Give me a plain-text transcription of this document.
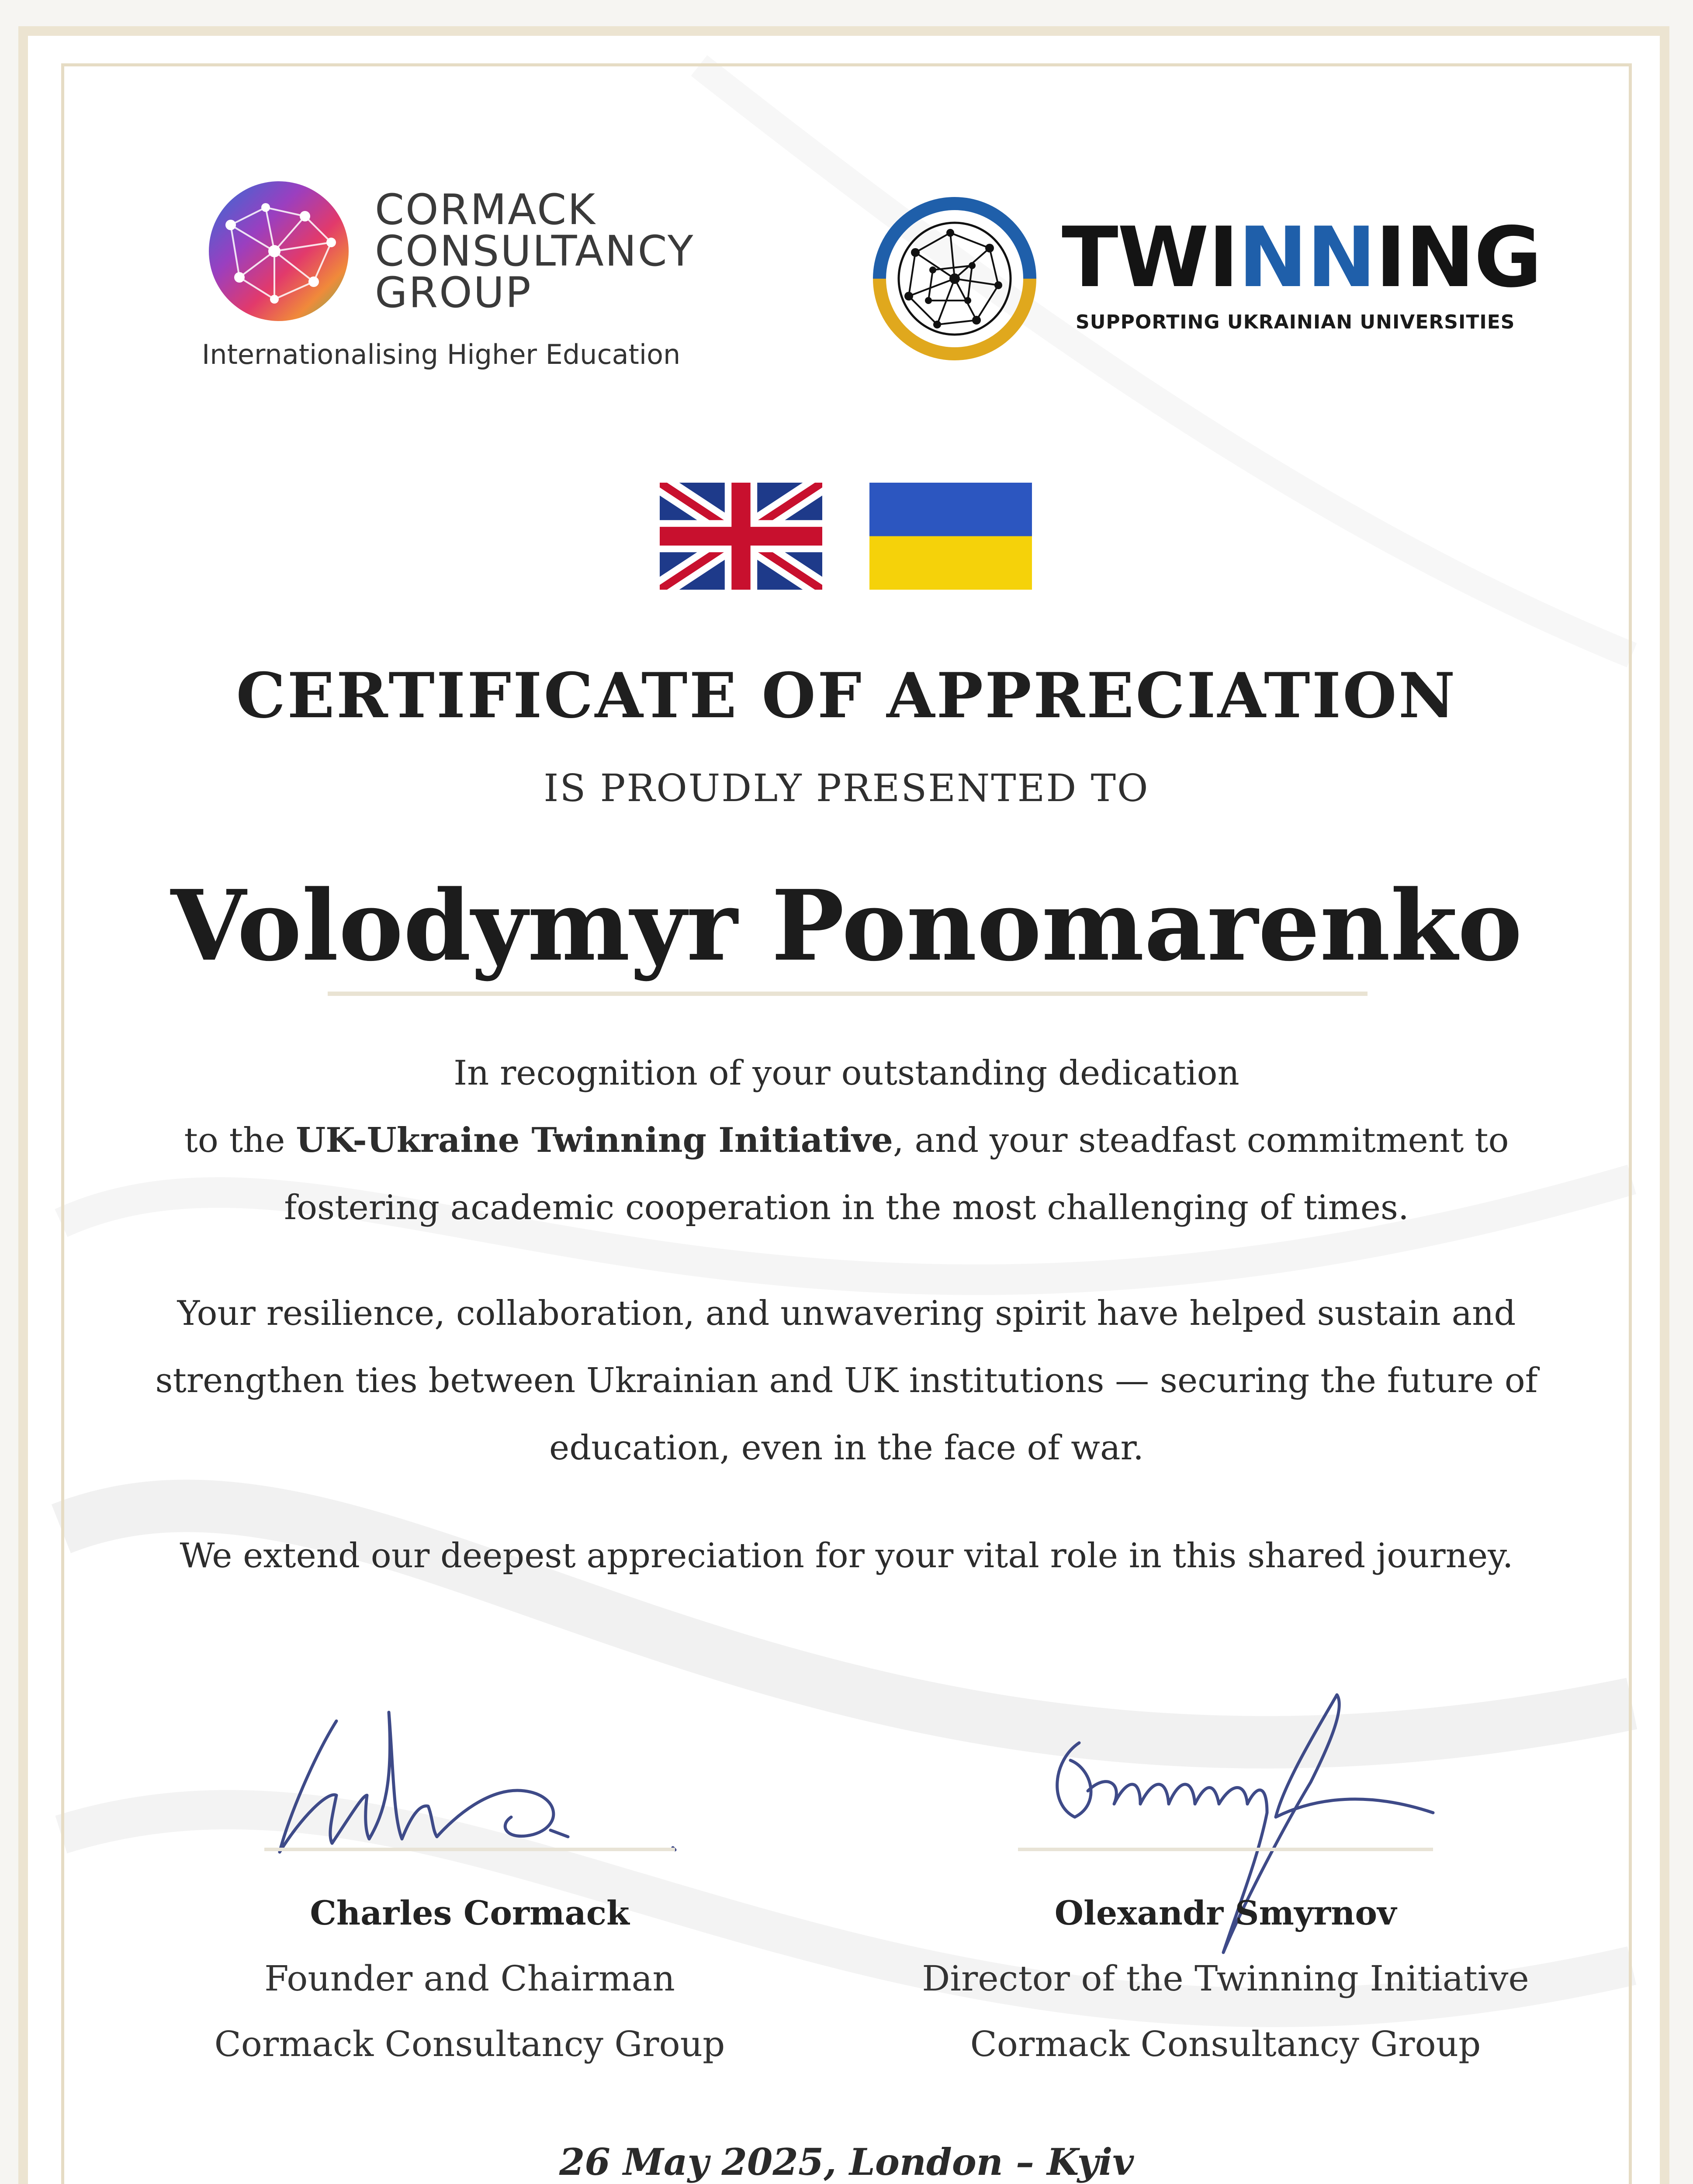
CORMACK
CONSULTANCY
GROUP
Internationalising Higher Education
TWINNING
SUPPORTING UKRAINIAN UNIVERSITIES
CERTIFICATE OF APPRECIATION
IS PROUDLY PRESENTED TO
Volodymyr Ponomarenko
In recognition of your outstanding dedication
to the UK-Ukraine Twinning Initiative, and your steadfast commitment to
fostering academic cooperation in the most challenging of times.
Your resilience, collaboration, and unwavering spirit have helped sustain and
strengthen ties between Ukrainian and UK institutions — securing the future of
education, even in the face of war.
We extend our deepest appreciation for your vital role in this shared journey.
Charles Cormack
Founder and Chairman
Cormack Consultancy Group
Olexandr Smyrnov
Director of the Twinning Initiative
Cormack Consultancy Group
26 May 2025, London – Kyiv
